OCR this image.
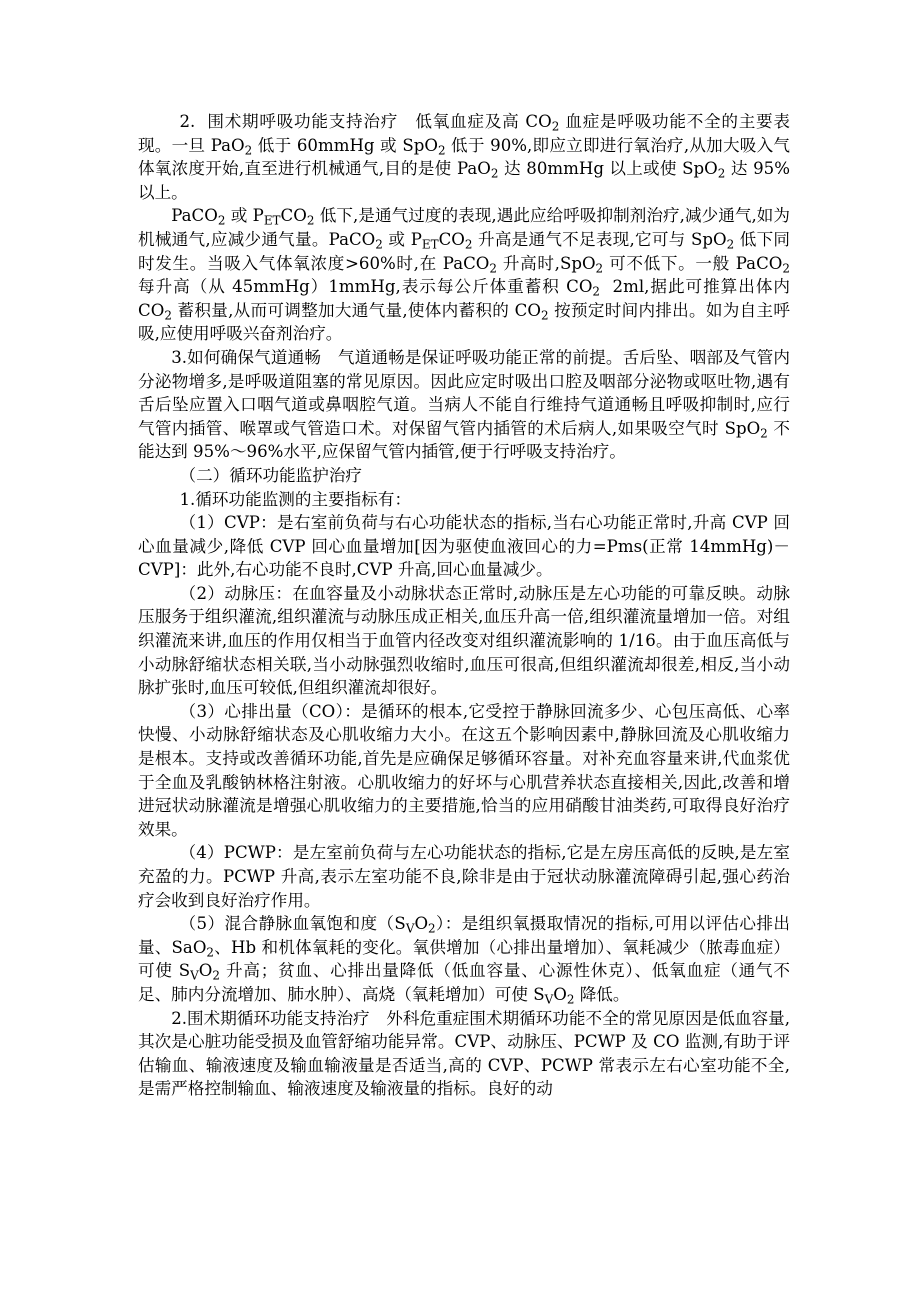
2.  围术期呼吸功能支持治疗　低氧血症及高 $CO_2$ 血症是呼吸功能不全的主要表现。一旦 PaO$_2$ 低于 60mmHg 或 SpO$_2$ 低于 90%,即应立即进行氧治疗,从加大吸入气体氧浓度开始,直至进行机械通气,目的是使 PaO$_2$ 达 80mmHg 以上或使 SpO$_2$ 达 95%以上。

PaCO$_2$ 或 $P_{ET}CO_2$ 低下,是通气过度的表现,遇此应给呼吸抑制剂治疗,减少通气,如为机械通气,应减少通气量。PaCO$_2$ 或 $P_{ET}CO_2$ 升高是通气不足表现,它可与 SpO$_2$ 低下同时发生。当吸入气体氧浓度>60%时,在 PaCO$_2$ 升高时,SpO$_2$ 可不低下。一般 PaCO$_2$ 每升高（从 45mmHg）1mmHg,表示每公斤体重蓄积 $CO_2$  2ml,据此可推算出体内 $CO_2$ 蓄积量,从而可调整加大通气量,使体内蓄积的 $CO_2$ 按预定时间内排出。如为自主呼吸,应使用呼吸兴奋剂治疗。

3.如何确保气道通畅　气道通畅是保证呼吸功能正常的前提。舌后坠、咽部及气管内分泌物增多,是呼吸道阻塞的常见原因。因此应定时吸出口腔及咽部分泌物或呕吐物,遇有舌后坠应置入口咽气道或鼻咽腔气道。当病人不能自行维持气道通畅且呼吸抑制时,应行气管内插管、喉罩或气管造口术。对保留气管内插管的术后病人,如果吸空气时 SpO$_2$ 不能达到 95%～96%水平,应保留气管内插管,便于行呼吸支持治疗。

（二）循环功能监护治疗

1.循环功能监测的主要指标有：

（1）CVP：是右室前负荷与右心功能状态的指标,当右心功能正常时,升高 CVP 回心血量减少,降低 CVP 回心血量增加[因为驱使血液回心的力=Pms(正常 14mmHg)－CVP]：此外,右心功能不良时,CVP 升高,回心血量减少。

（2）动脉压：在血容量及小动脉状态正常时,动脉压是左心功能的可靠反映。动脉压服务于组织灌流,组织灌流与动脉压成正相关,血压升高一倍,组织灌流量增加一倍。对组织灌流来讲,血压的作用仅相当于血管内径改变对组织灌流影响的 1/16。由于血压高低与小动脉舒缩状态相关联,当小动脉强烈收缩时,血压可很高,但组织灌流却很差,相反,当小动脉扩张时,血压可较低,但组织灌流却很好。

（3）心排出量（CO）：是循环的根本,它受控于静脉回流多少、心包压高低、心率快慢、小动脉舒缩状态及心肌收缩力大小。在这五个影响因素中,静脉回流及心肌收缩力是根本。支持或改善循环功能,首先是应确保足够循环容量。对补充血容量来讲,代血浆优于全血及乳酸钠林格注射液。心肌收缩力的好坏与心肌营养状态直接相关,因此,改善和增进冠状动脉灌流是增强心肌收缩力的主要措施,恰当的应用硝酸甘油类药,可取得良好治疗效果。

（4）PCWP：是左室前负荷与左心功能状态的指标,它是左房压高低的反映,是左室充盈的力。PCWP 升高,表示左室功能不良,除非是由于冠状动脉灌流障碍引起,强心药治疗会收到良好治疗作用。

（5）混合静脉血氧饱和度$(S_VO_2)$：是组织氧摄取情况的指标,可用以评估心排出量、SaO$_2$、Hb 和机体氧耗的变化。氧供增加（心排出量增加）、氧耗减少（脓毒血症）可使 $S_VO_2$ 升高；贫血、心排出量降低（低血容量、心源性休克）、低氧血症（通气不足、肺内分流增加、肺水肿）、高烧（氧耗增加）可使 $S_VO_2$ 降低。

2.围术期循环功能支持治疗　外科危重症围术期循环功能不全的常见原因是低血容量,其次是心脏功能受损及血管舒缩功能异常。CVP、动脉压、PCWP 及 CO 监测,有助于评估输血、输液速度及输血输液量是否适当,高的 CVP、PCWP 常表示左右心室功能不全,是需严格控制输血、输液速度及输液量的指标。良好的动
